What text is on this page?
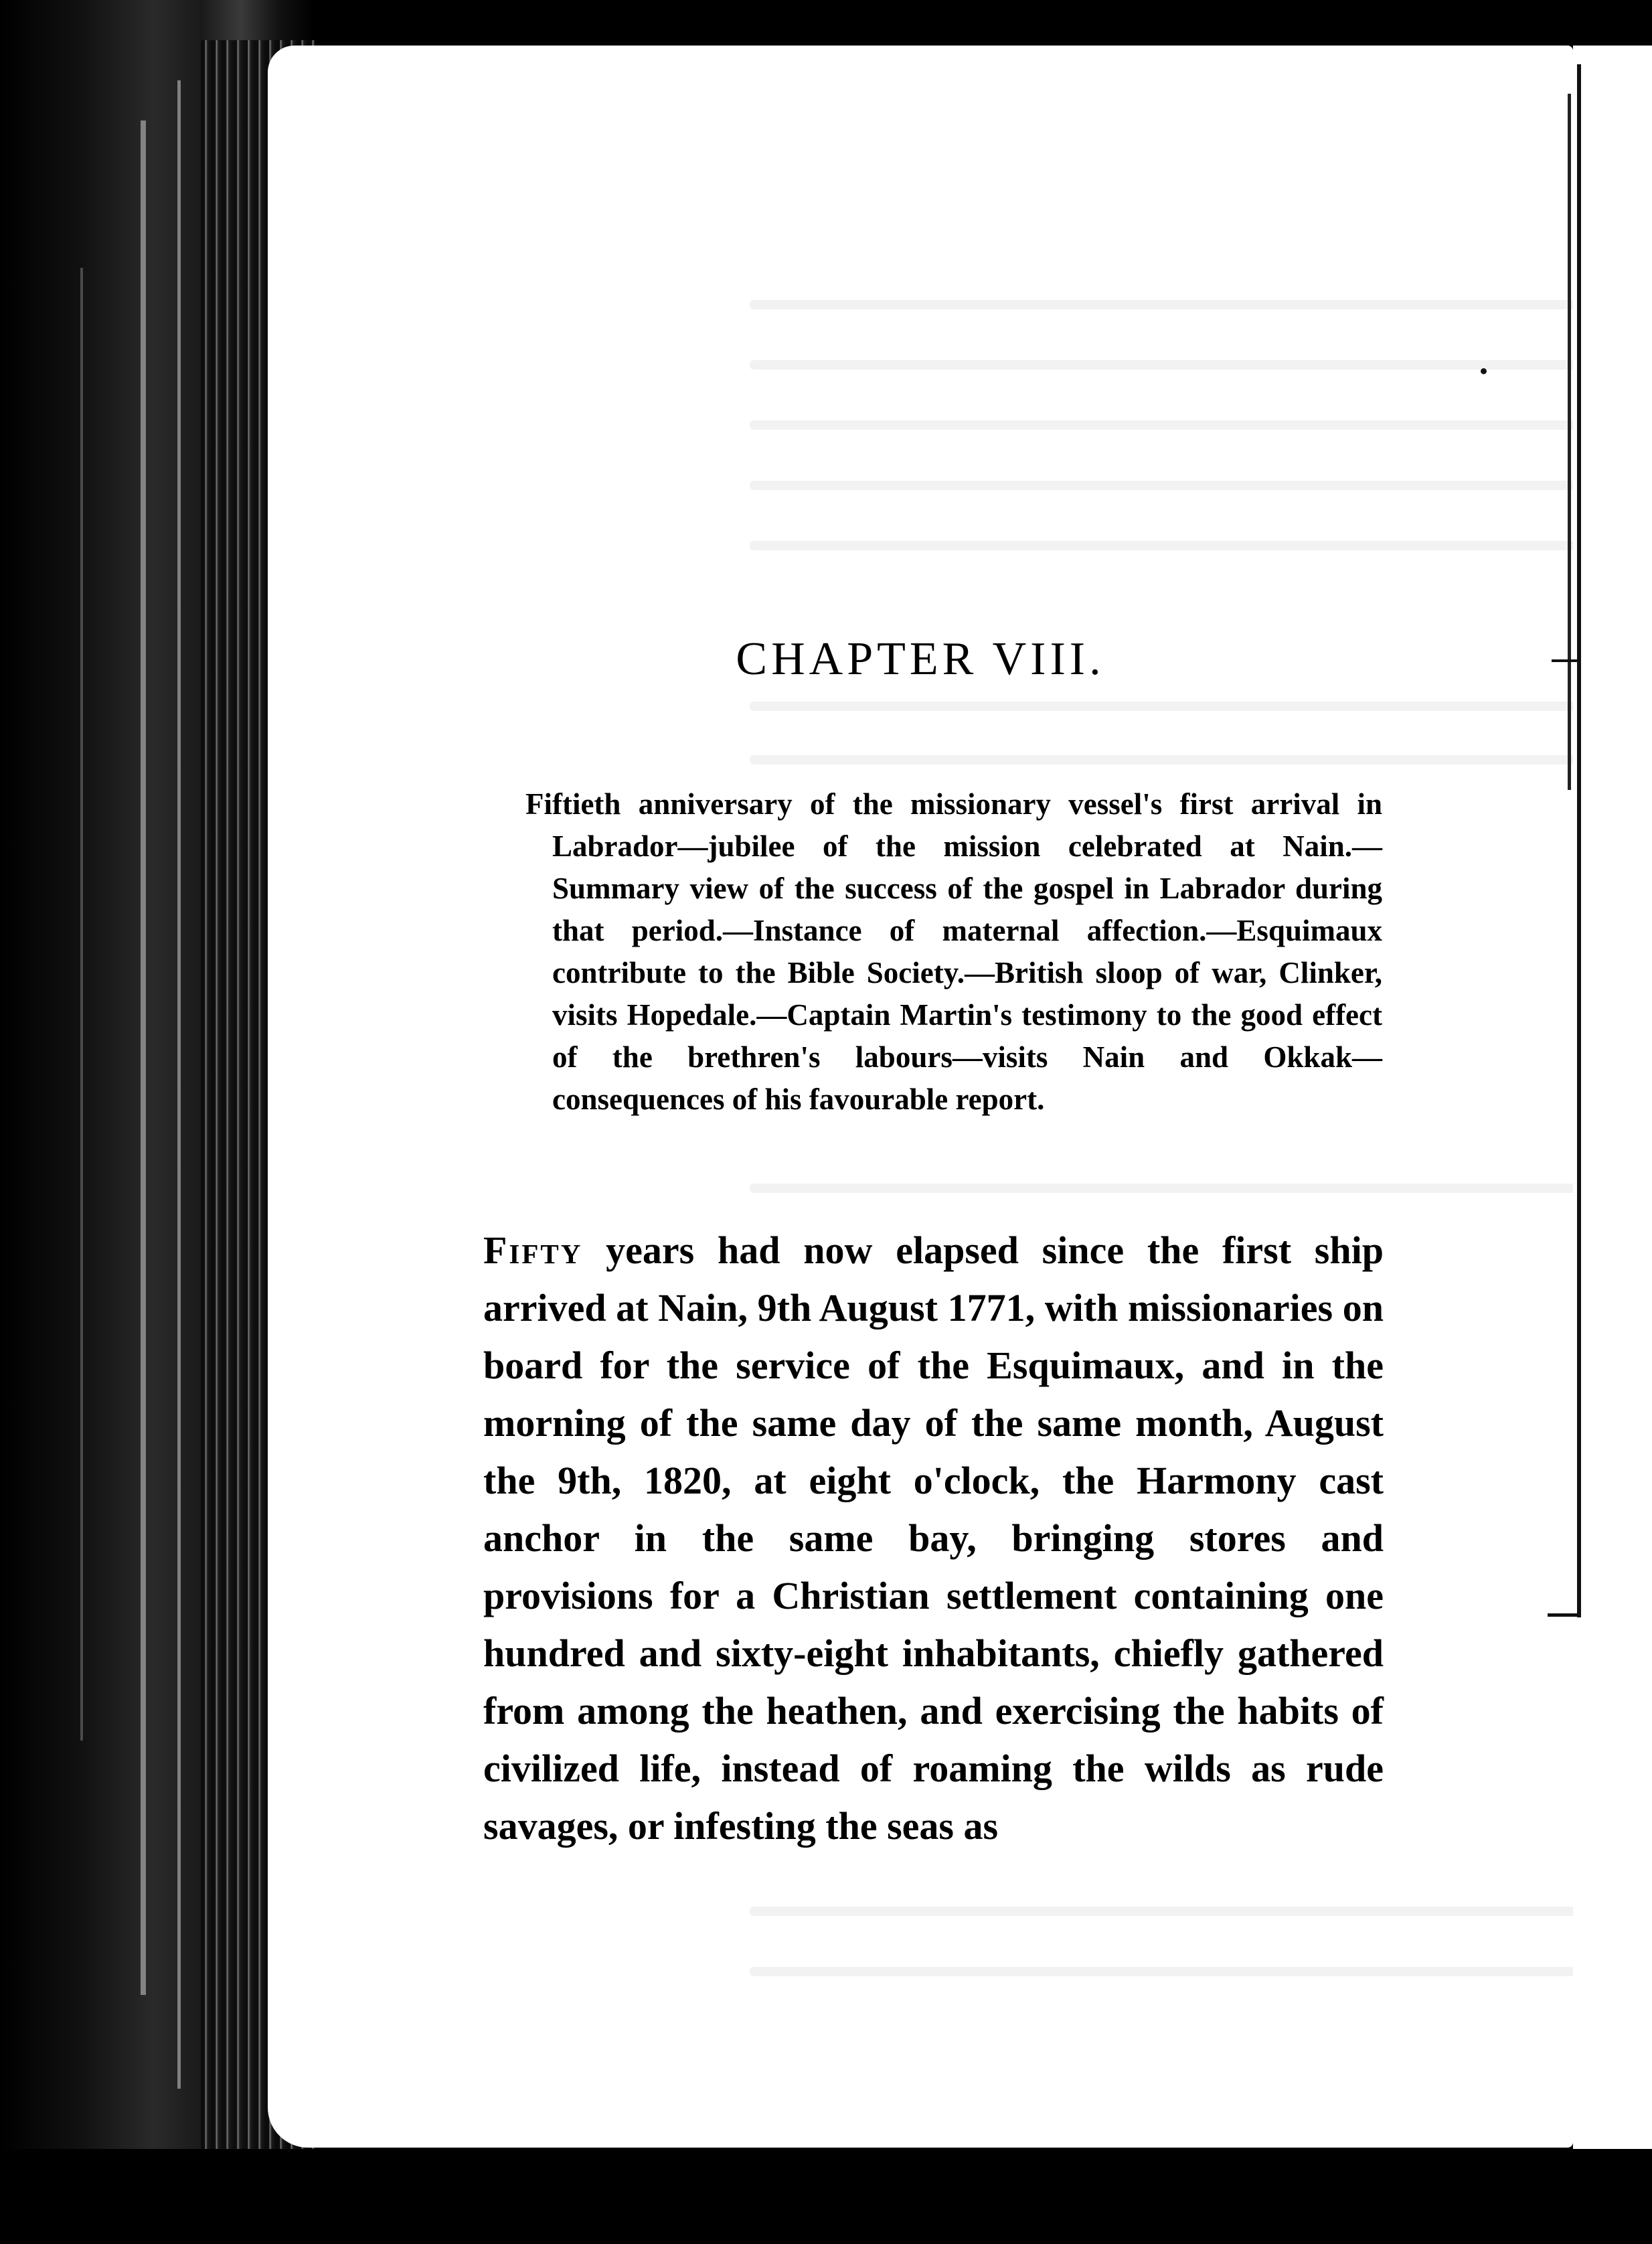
CHAPTER VIII.

Fiftieth anniversary of the missionary vessel's first arrival in Labrador—jubilee of the mission celebrated at Nain.—Summary view of the success of the gospel in Labrador during that period.—Instance of maternal affection.—Esquimaux contribute to the Bible Society.—British sloop of war, Clinker, visits Hopedale.—Captain Martin's testimony to the good effect of the brethren's labours—visits Nain and Okkak—consequences of his favourable report.

Fifty years had now elapsed since the first ship arrived at Nain, 9th August 1771, with missionaries on board for the service of the Esquimaux, and in the morning of the same day of the same month, August the 9th, 1820, at eight o'clock, the Harmony cast anchor in the same bay, bringing stores and provisions for a Christian settlement containing one hundred and sixty-eight inhabitants, chiefly gathered from among the heathen, and exercising the habits of civilized life, instead of roaming the wilds as rude savages, or infesting the seas as
